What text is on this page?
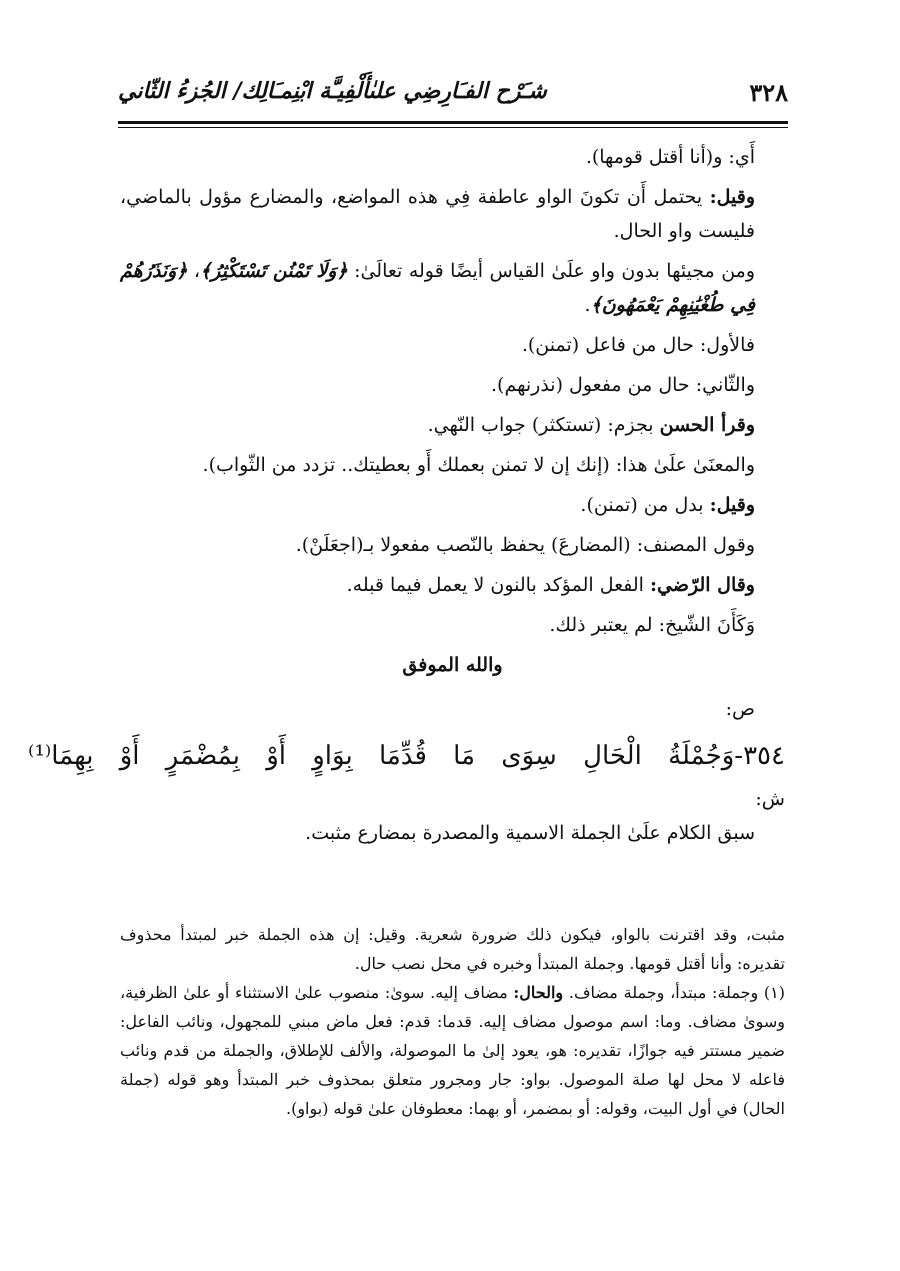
٣٢٨
شـَرْح الفـَارِضِي علىٰأَلْفِيـَّة ابْنِمـَالِك/ الجُزءُ الثّاني

أَي: و(أنا أقتل قومها).

وقيل: يحتمل أَن تكونَ الواو عاطفة فِي هذه المواضع، والمضارع مؤول بالماضي، فليست واو الحال.

ومن مجيئها بدون واو علَىٰ القياس أيضًا قوله تعالَىٰ: ﴿وَلَا تَمْنُن تَسْتَكْثِرُ﴾، ﴿وَنَذَرُهُمْ فِي طُغْيَٰنِهِمْ يَعْمَهُونَ﴾.

فالأول: حال من فاعل (تمنن).

والثّاني: حال من مفعول (نذرنهم).

وقرأ الحسن بجزم: (تستكثر) جواب النّهي.

والمعنَىٰ علَىٰ هذا: (إنك إن لا تمنن بعملك أَو بعطيتك.. تزدد من الثّواب).

وقيل: بدل من (تمنن).

وقول المصنف: (المضارعَ) يحفظ بالنّصب مفعولا بـ(اجعَلَنْ).

وقال الرّضي: الفعل المؤكد بالنون لا يعمل فيما قبله.

وَكَأَنَ الشّيخ: لم يعتبر ذلك.

والله الموفق

ص:

٣٥٤-وَجُمْلَةُ الْحَالِ سِوَى مَا قُدِّمَا بِوَاوٍ أَوْ بِمُضْمَرٍ أَوْ بِهِمَا⁽¹⁾

ش:

سبق الكلام علَىٰ الجملة الاسمية والمصدرة بمضارع مثبت.

مثبت، وقد اقترنت بالواو، فيكون ذلك ضرورة شعرية. وقيل: إن هذه الجملة خبر لمبتدأ محذوف تقديره: وأنا أقتل قومها. وجملة المبتدأ وخبره في محل نصب حال.

(١) وجملة: مبتدأ، وجملة مضاف. والحال: مضاف إليه. سوىٰ: منصوب علىٰ الاستثناء أو علىٰ الظرفية، وسوىٰ مضاف. وما: اسم موصول مضاف إليه. قدما: قدم: فعل ماض مبني للمجهول، ونائب الفاعل: ضمير مستتر فيه جوازًا، تقديره: هو، يعود إلىٰ ما الموصولة، والألف للإطلاق، والجملة من قدم ونائب فاعله لا محل لها صلة الموصول. بواو: جار ومجرور متعلق بمحذوف خبر المبتدأ وهو قوله (جملة الحال) في أول البيت، وقوله: أو بمضمر، أو بهما: معطوفان علىٰ قوله (بواو).
